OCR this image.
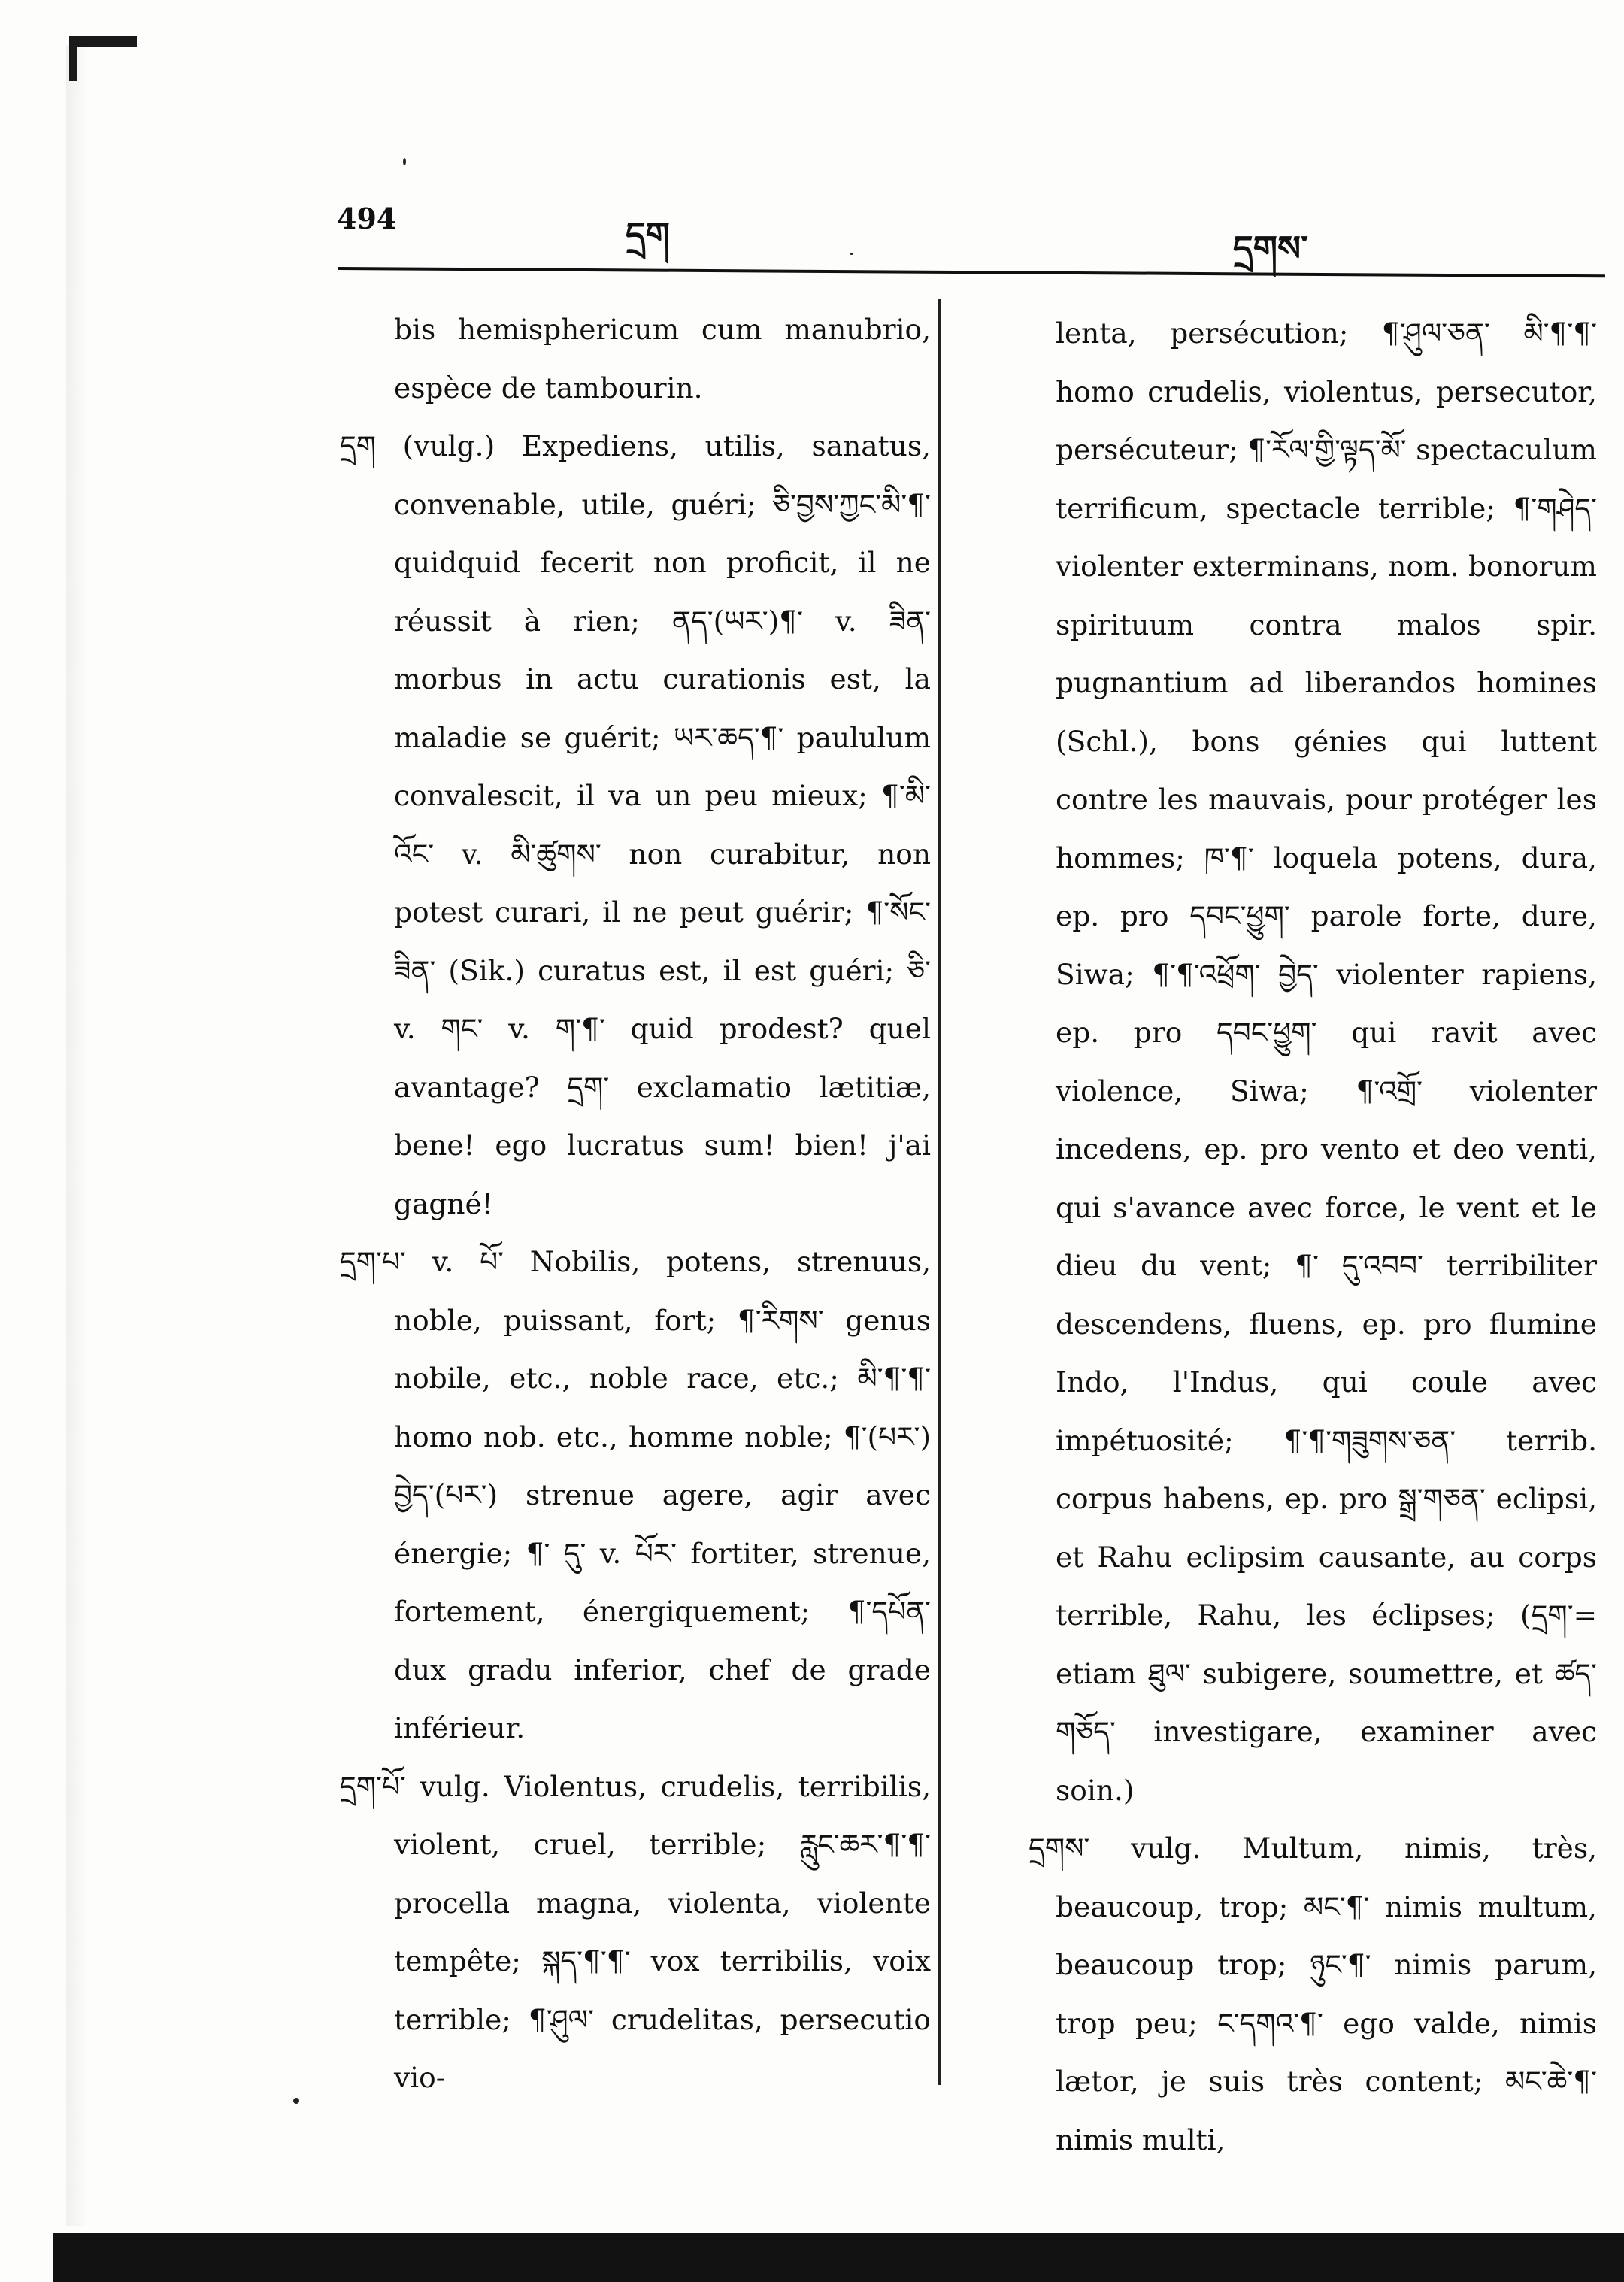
494	དྲག	དྲགས་

bis hemisphericum cum manubrio, espèce de tambourin.

དྲག (vulg.) Expediens, utilis, sanatus, convenable, utile, guéri; ཅི་བྱས་ཀྱང་མི་¶་ quidquid fecerit non proficit, il ne réussit à rien; ནད་(ཡར་)¶་ v. ཟིན་ morbus in actu curationis est, la maladie se guérit; ཡར་ཆད་¶་ paululum convalescit, il va un peu mieux; ¶་མི་འོང་ v. མི་ཚུགས་ non curabitur, non potest curari, il ne peut guérir; ¶་སོང་ཟིན་ (Sik.) curatus est, il est guéri; ཅི་ v. གང་ v. ག་¶་ quid prodest? quel avantage? དྲག་ exclamatio lætitiæ, bene! ego lucratus sum! bien! j'ai gagné!

དྲག་པ་ v. པོ་ Nobilis, potens, strenuus, noble, puissant, fort; ¶་རིགས་ genus nobile, etc., noble race, etc.; མི་¶་¶་ homo nob. etc., homme noble; ¶་(པར་) བྱེད་(པར་) strenue agere, agir avec énergie; ¶་ དུ་ v. པོར་ fortiter, strenue, fortement, énergiquement; ¶་དཔོན་ dux gradu inferior, chef de grade inférieur.

དྲག་པོ་ vulg. Violentus, crudelis, terribilis, violent, cruel, terrible; རླུང་ཆར་¶་¶་ procella magna, violenta, violente tempête; སྐད་¶་¶་ vox terribilis, voix terrible; ¶་ཤུལ་ crudelitas, persecutio vio-

lenta, persécution; ¶་ཤུལ་ཅན་ མི་¶་¶་ homo crudelis, violentus, persecutor, persécuteur; ¶་རོལ་གྱི་ལྟད་མོ་ spectaculum terrificum, spectacle terrible; ¶་གཤེད་ violenter exterminans, nom. bonorum spirituum contra malos spir. pugnantium ad liberandos homines (Schl.), bons génies qui luttent contre les mauvais, pour protéger les hommes; ཁ་¶་ loquela potens, dura, ep. pro དབང་ཕྱུག་ parole forte, dure, Siwa; ¶་¶་འཕྲོག་ བྱེད་ violenter rapiens, ep. pro དབང་ཕྱུག་ qui ravit avec violence, Siwa; ¶་འགྲོ་ violenter incedens, ep. pro vento et deo venti, qui s'avance avec force, le vent et le dieu du vent; ¶་ དུ་འབབ་ terribiliter descendens, fluens, ep. pro flumine Indo, l'Indus, qui coule avec impétuosité; ¶་¶་གཟུགས་ཅན་ terrib. corpus habens, ep. pro སྒྲ་གཅན་ eclipsi, et Rahu eclipsim causante, au corps terrible, Rahu, les éclipses; (དྲག་= etiam ཐུལ་ subigere, soumettre, et ཚད་གཅོད་ investigare, examiner avec soin.)

དྲགས་ vulg. Multum, nimis, très, beaucoup, trop; མང་¶་ nimis multum, beaucoup trop; ཉུང་¶་ nimis parum, trop peu; ང་དགའ་¶་ ego valde, nimis lætor, je suis très content; མང་ཆེ་¶་ nimis multi,
